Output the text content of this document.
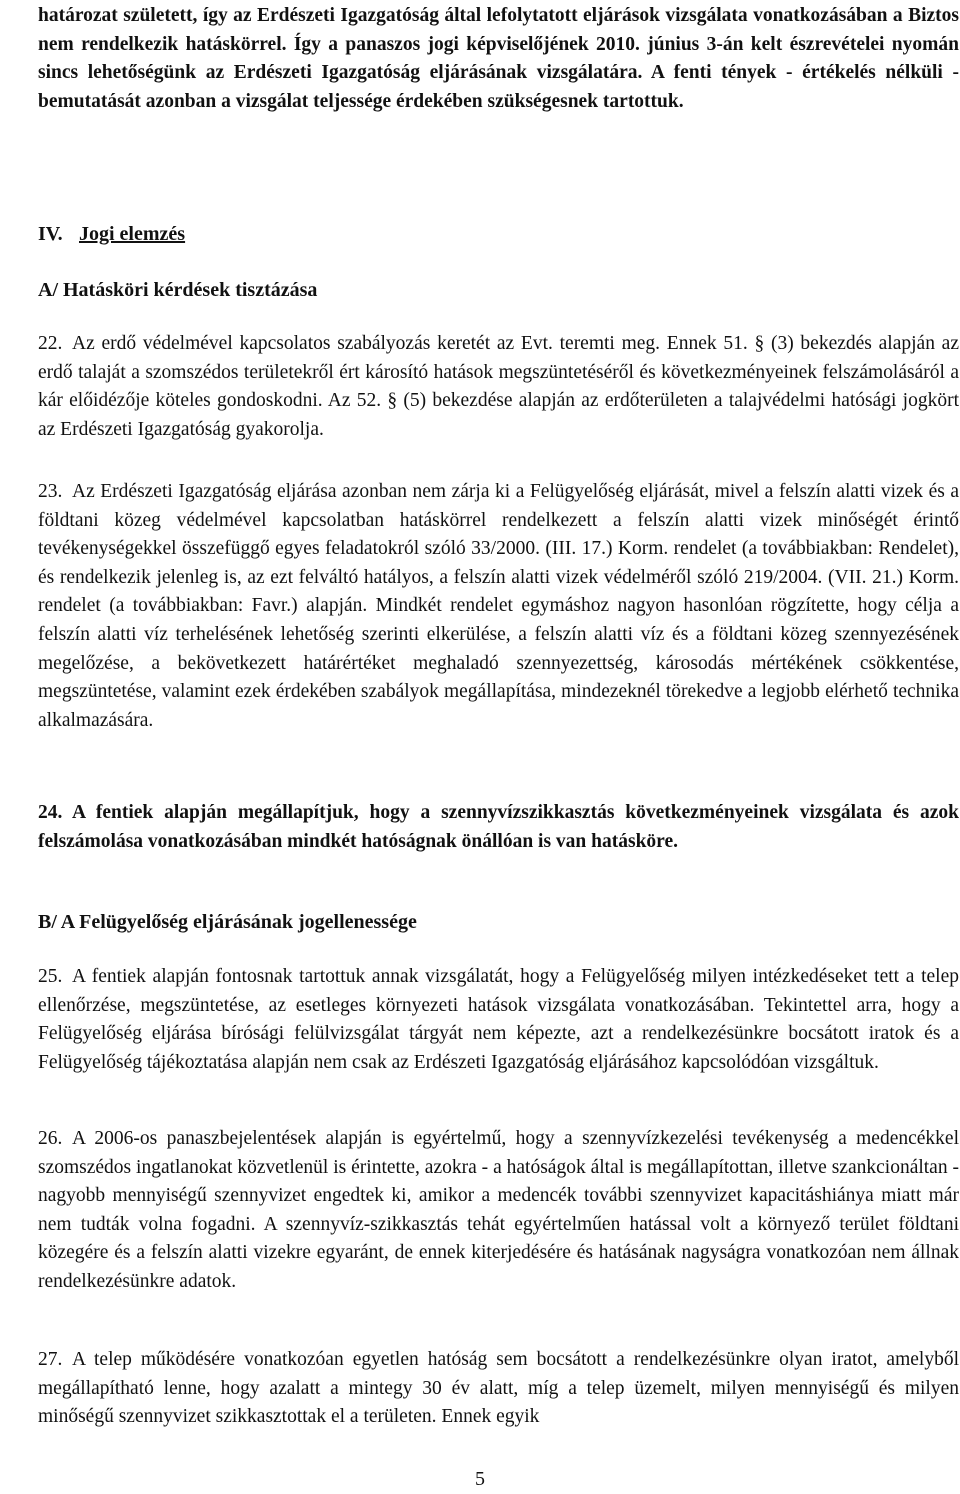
határozat született, így az Erdészeti Igazgatóság által lefolytatott eljárások vizsgálata vonatkozásában a Biztos nem rendelkezik hatáskörrel. Így a panaszos jogi képviselőjének 2010. június 3-án kelt észrevételei nyomán sincs lehetőségünk az Erdészeti Igazgatóság eljárásának vizsgálatára. A fenti tények - értékelés nélküli - bemutatását azonban a vizsgálat teljessége érdekében szükségesnek tartottuk.
IV. Jogi elemzés
A/ Hatásköri kérdések tisztázása
22. Az erdő védelmével kapcsolatos szabályozás keretét az Evt. teremti meg. Ennek 51. § (3) bekezdés alapján az erdő talaját a szomszédos területekről ért károsító hatások megszüntetéséről és következményeinek felszámolásáról a kár előidézője köteles gondoskodni. Az 52. § (5) bekezdése alapján az erdőterületen a talajvédelmi hatósági jogkört az Erdészeti Igazgatóság gyakorolja.
23. Az Erdészeti Igazgatóság eljárása azonban nem zárja ki a Felügyelőség eljárását, mivel a felszín alatti vizek és a földtani közeg védelmével kapcsolatban hatáskörrel rendelkezett a felszín alatti vizek minőségét érintő tevékenységekkel összefüggő egyes feladatokról szóló 33/2000. (III. 17.) Korm. rendelet (a továbbiakban: Rendelet), és rendelkezik jelenleg is, az ezt felváltó hatályos, a felszín alatti vizek védelméről szóló 219/2004. (VII. 21.) Korm. rendelet (a továbbiakban: Favr.) alapján. Mindkét rendelet egymáshoz nagyon hasonlóan rögzítette, hogy célja a felszín alatti víz terhelésének lehetőség szerinti elkerülése, a felszín alatti víz és a földtani közeg szennyezésének megelőzése, a bekövetkezett határértéket meghaladó szennyezettség, károsodás mértékének csökkentése, megszüntetése, valamint ezek érdekében szabályok megállapítása, mindezeknél törekedve a legjobb elérhető technika alkalmazására.
24. A fentiek alapján megállapítjuk, hogy a szennyvízszikkasztás következményeinek vizsgálata és azok felszámolása vonatkozásában mindkét hatóságnak önállóan is van hatásköre.
B/ A Felügyelőség eljárásának jogellenessége
25. A fentiek alapján fontosnak tartottuk annak vizsgálatát, hogy a Felügyelőség milyen intézkedéseket tett a telep ellenőrzése, megszüntetése, az esetleges környezeti hatások vizsgálata vonatkozásában. Tekintettel arra, hogy a Felügyelőség eljárása bírósági felülvizsgálat tárgyát nem képezte, azt a rendelkezésünkre bocsátott iratok és a Felügyelőség tájékoztatása alapján nem csak az Erdészeti Igazgatóság eljárásához kapcsolódóan vizsgáltuk.
26. A 2006-os panaszbejelentések alapján is egyértelmű, hogy a szennyvízkezelési tevékenység a medencékkel szomszédos ingatlanokat közvetlenül is érintette, azokra - a hatóságok által is megállapítottan, illetve szankcionáltan - nagyobb mennyiségű szennyvizet engedtek ki, amikor a medencék további szennyvizet kapacitáshiánya miatt már nem tudták volna fogadni. A szennyvíz-szikkasztás tehát egyértelműen hatással volt a környező terület földtani közegére és a felszín alatti vizekre egyaránt, de ennek kiterjedésére és hatásának nagyságra vonatkozóan nem állnak rendelkezésünkre adatok.
27. A telep működésére vonatkozóan egyetlen hatóság sem bocsátott a rendelkezésünkre olyan iratot, amelyből megállapítható lenne, hogy azalatt a mintegy 30 év alatt, míg a telep üzemelt, milyen mennyiségű és milyen minőségű szennyvizet szikkasztottak el a területen. Ennek egyik
5
